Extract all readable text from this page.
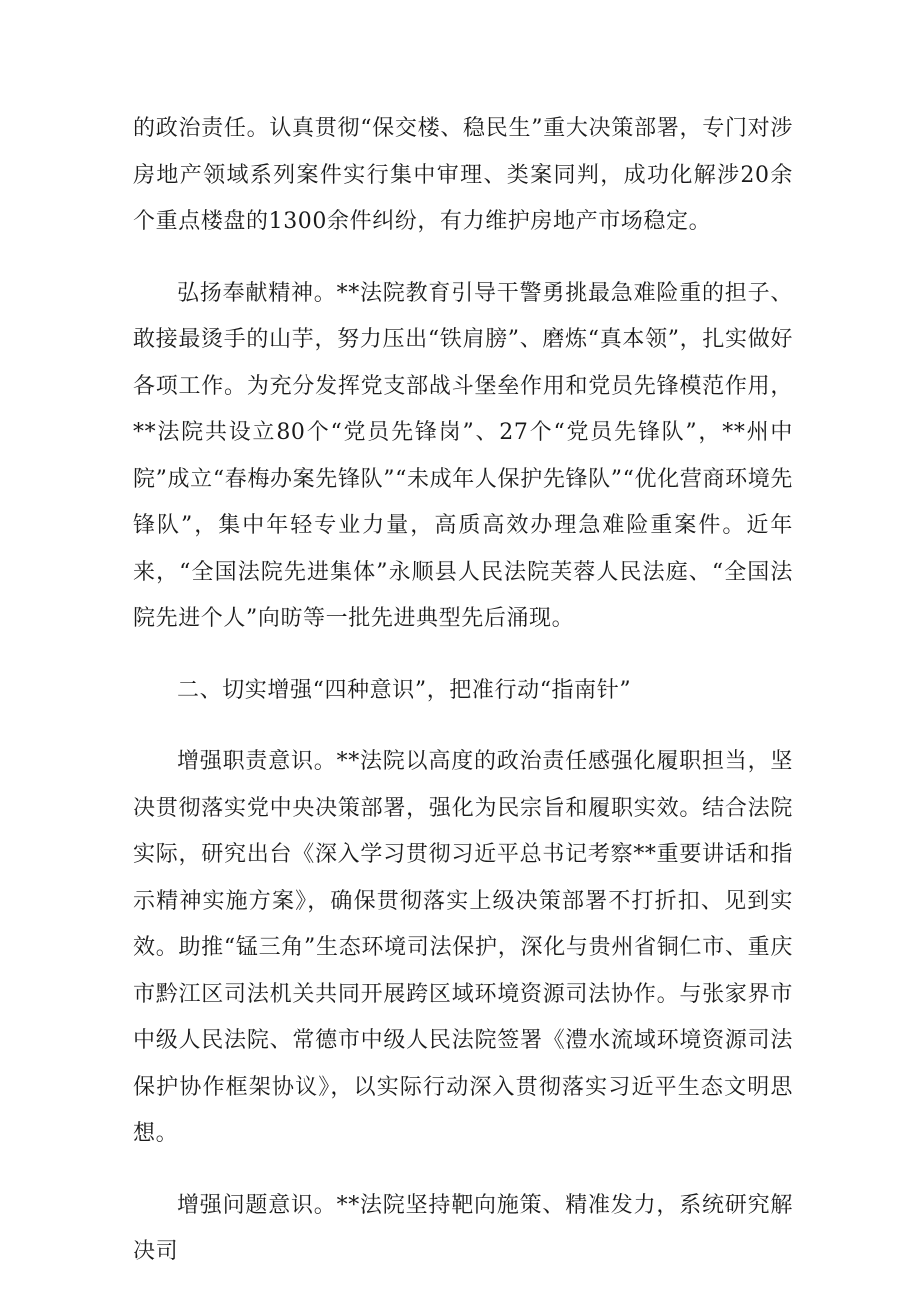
的政治责任。认真贯彻“保交楼、稳民生”重大决策部署，专门对涉房地产领域系列案件实行集中审理、类案同判，成功化解涉20余个重点楼盘的1300余件纠纷，有力维护房地产市场稳定。

弘扬奉献精神。**法院教育引导干警勇挑最急难险重的担子、敢接最烫手的山芋，努力压出“铁肩膀”、磨炼“真本领”，扎实做好各项工作。为充分发挥党支部战斗堡垒作用和党员先锋模范作用，**法院共设立80个“党员先锋岗”、27个“党员先锋队”，**州中院”成立“春梅办案先锋队”“未成年人保护先锋队”“优化营商环境先锋队”，集中年轻专业力量，高质高效办理急难险重案件。近年来，“全国法院先进集体”永顺县人民法院芙蓉人民法庭、“全国法院先进个人”向昉等一批先进典型先后涌现。

二、切实增强“四种意识”，把准行动“指南针”

增强职责意识。**法院以高度的政治责任感强化履职担当，坚决贯彻落实党中央决策部署，强化为民宗旨和履职实效。结合法院实际，研究出台《深入学习贯彻习近平总书记考察**重要讲话和指示精神实施方案》，确保贯彻落实上级决策部署不打折扣、见到实效。助推“锰三角”生态环境司法保护，深化与贵州省铜仁市、重庆市黔江区司法机关共同开展跨区域环境资源司法协作。与张家界市中级人民法院、常德市中级人民法院签署《澧水流域环境资源司法保护协作框架协议》，以实际行动深入贯彻落实习近平生态文明思想。

增强问题意识。**法院坚持靶向施策、精准发力，系统研究解决司
